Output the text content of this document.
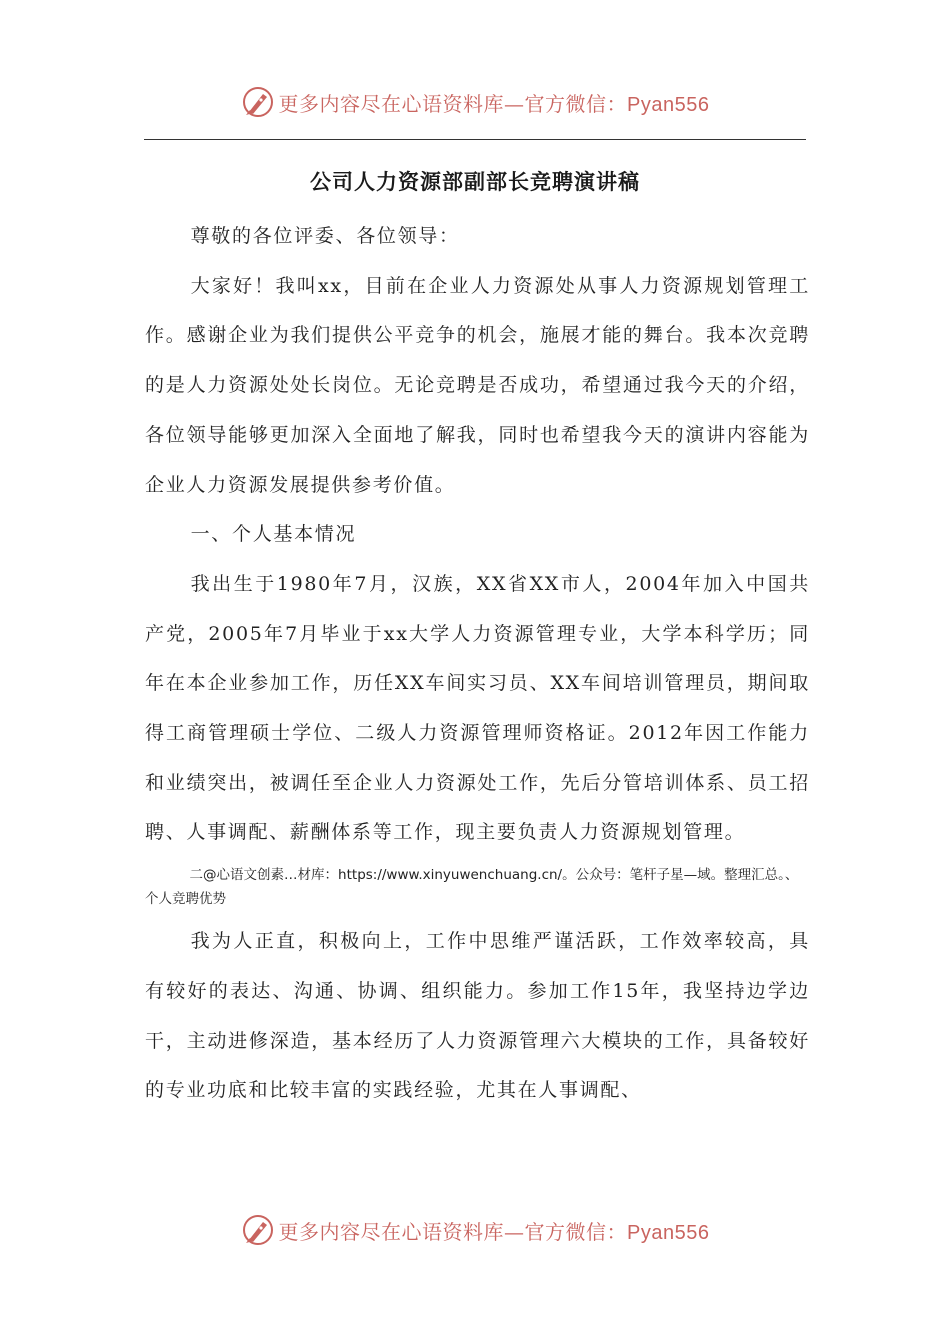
更多内容尽在心语资料库—官方微信：Pyan556
公司人力资源部副部长竞聘演讲稿

尊敬的各位评委、各位领导：

大家好！我叫xx，目前在企业人力资源处从事人力资源规划管理工作。感谢企业为我们提供公平竞争的机会，施展才能的舞台。我本次竞聘的是人力资源处处长岗位。无论竞聘是否成功，希望通过我今天的介绍，各位领导能够更加深入全面地了解我，同时也希望我今天的演讲内容能为企业人力资源发展提供参考价值。

一、个人基本情况

我出生于1980年7月，汉族，XX省XX市人，2004年加入中国共产党，2005年7月毕业于xx大学人力资源管理专业，大学本科学历；同年在本企业参加工作，历任XX车间实习员、XX车间培训管理员，期间取得工商管理硕士学位、二级人力资源管理师资格证。2012年因工作能力和业绩突出，被调任至企业人力资源处工作，先后分管培训体系、员工招聘、人事调配、薪酬体系等工作，现主要负责人力资源规划管理。

二@心语文创素…材库：https://www.xinyuwenchuang.cn/。公众号：笔杆子星—域。整理汇总。、个人竞聘优势

我为人正直，积极向上，工作中思维严谨活跃，工作效率较高，具有较好的表达、沟通、协调、组织能力。参加工作15年，我坚持边学边干，主动进修深造，基本经历了人力资源管理六大模块的工作，具备较好的专业功底和比较丰富的实践经验，尤其在人事调配、

更多内容尽在心语资料库—官方微信：Pyan556
